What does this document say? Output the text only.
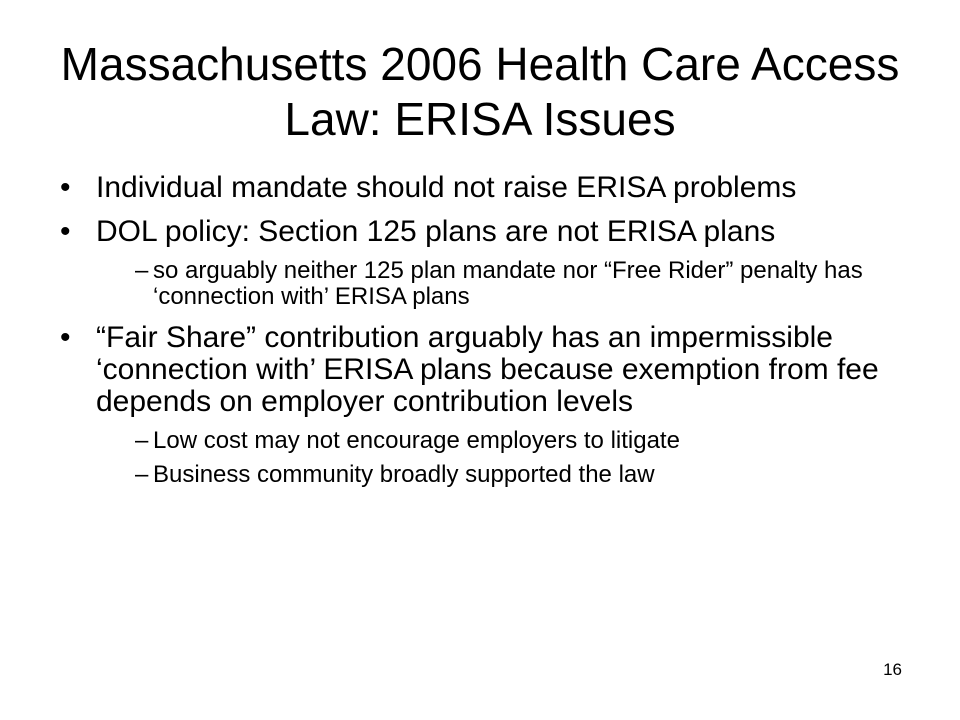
Massachusetts 2006 Health Care Access Law: ERISA Issues
• Individual mandate should not raise ERISA problems
• DOL policy: Section 125 plans are not ERISA plans
– so arguably neither 125 plan mandate nor “Free Rider” penalty has ‘connection with’ ERISA plans
• “Fair Share” contribution arguably has an impermissible ‘connection with’ ERISA plans because exemption from fee depends on employer contribution levels
– Low cost may not encourage employers to litigate
– Business community broadly supported the law
16
